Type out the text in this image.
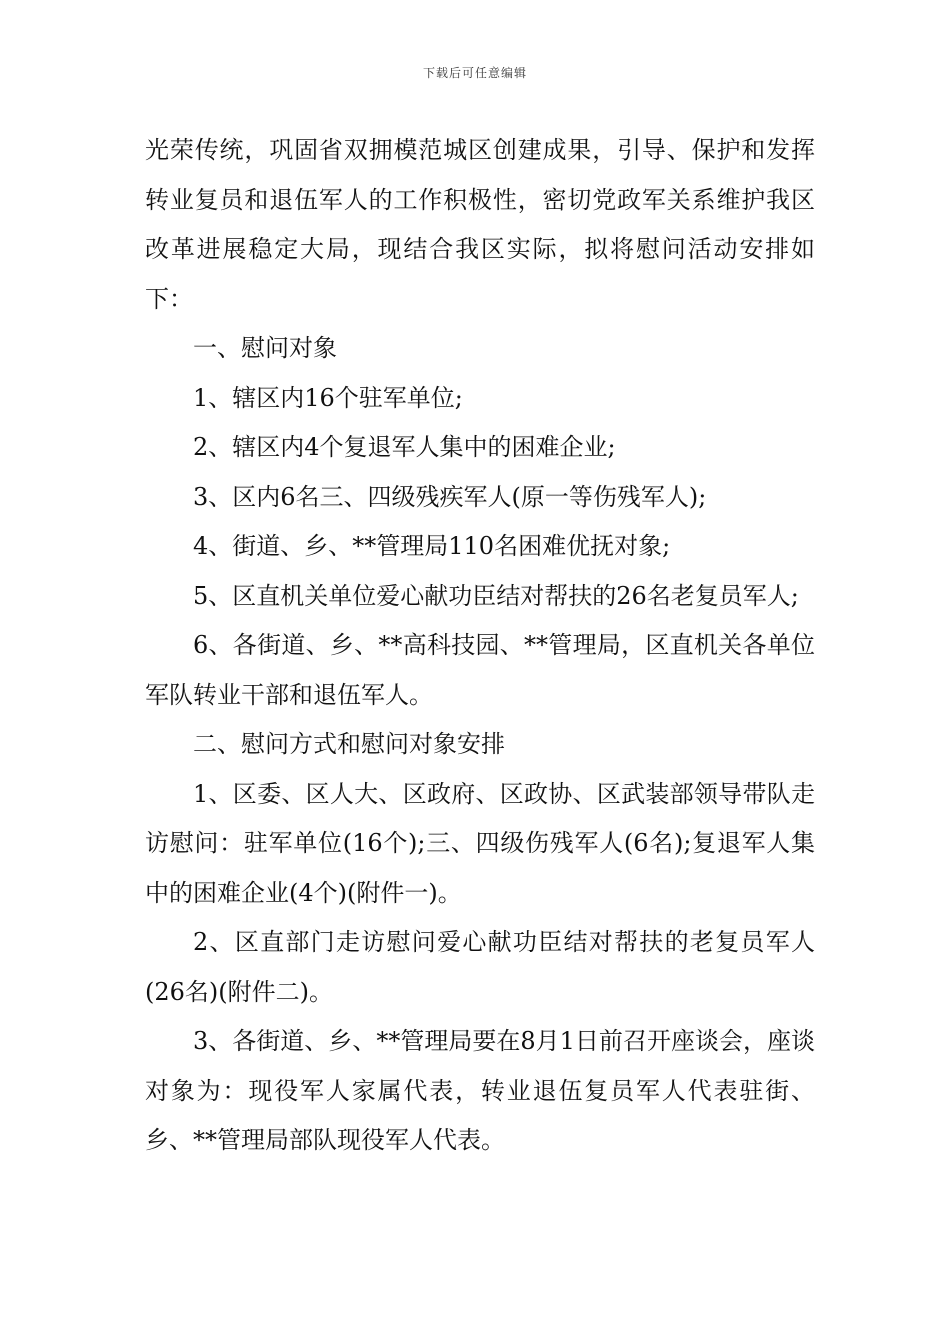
下载后可任意编辑

光荣传统，巩固省双拥模范城区创建成果，引导、保护和发挥转业复员和退伍军人的工作积极性，密切党政军关系维护我区改革进展稳定大局，现结合我区实际，拟将慰问活动安排如下：

一、慰问对象

1、辖区内16个驻军单位;

2、辖区内4个复退军人集中的困难企业;

3、区内6名三、四级残疾军人(原一等伤残军人);

4、街道、乡、**管理局110名困难优抚对象;

5、区直机关单位爱心献功臣结对帮扶的26名老复员军人;

6、各街道、乡、**高科技园、**管理局，区直机关各单位军队转业干部和退伍军人。

二、慰问方式和慰问对象安排

1、区委、区人大、区政府、区政协、区武装部领导带队走访慰问：驻军单位(16个);三、四级伤残军人(6名);复退军人集中的困难企业(4个)(附件一)。

2、区直部门走访慰问爱心献功臣结对帮扶的老复员军人(26名)(附件二)。

3、各街道、乡、**管理局要在8月1日前召开座谈会，座谈对象为：现役军人家属代表，转业退伍复员军人代表驻街、乡、**管理局部队现役军人代表。
